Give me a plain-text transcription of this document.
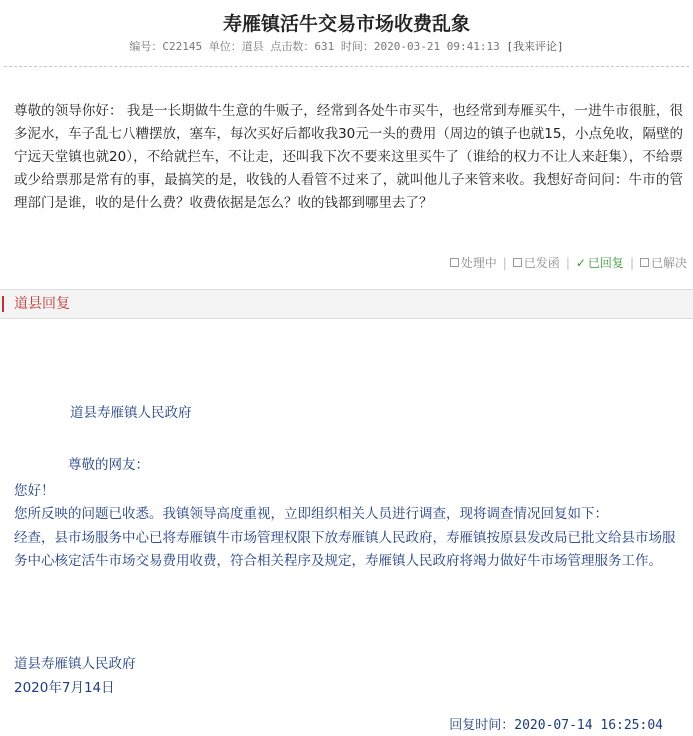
寿雁镇活牛交易市场收费乱象
编号：C22145 单位：道县 点击数：631 时间：2020-03-21 09:41:13 [我来评论]
尊敬的领导你好： 我是一长期做牛生意的牛贩子，经常到各处牛市买牛，也经常到寿雁买牛，一进牛市很脏，很多泥水，车子乱七八糟摆放，塞车，每次买好后都收我30元一头的费用（周边的镇子也就15，小点免收，隔壁的宁远天堂镇也就20），不给就拦车，不让走，还叫我下次不要来这里买牛了（谁给的权力不让人来赶集），不给票或少给票那是常有的事，最搞笑的是，收钱的人看管不过来了，就叫他儿子来管来收。我想好奇问问：牛市的管理部门是谁，收的是什么费？收费依据是怎么？收的钱都到哪里去了？
处理中 | 已发函 | ✓ 已回复 | 已解决
道县回复

道县寿雁镇人民政府

尊敬的网友：

您好！

您所反映的问题已收悉。我镇领导高度重视，立即组织相关人员进行调查，现将调查情况回复如下：

经查，县市场服务中心已将寿雁镇牛市场管理权限下放寿雁镇人民政府，寿雁镇按原县发改局已批文给县市场服务中心核定活牛市场交易费用收费，符合相关程序及规定，寿雁镇人民政府将竭力做好牛市场管理服务工作。

道县寿雁镇人民政府

2020年7月14日

回复时间：2020-07-14 16:25:04
